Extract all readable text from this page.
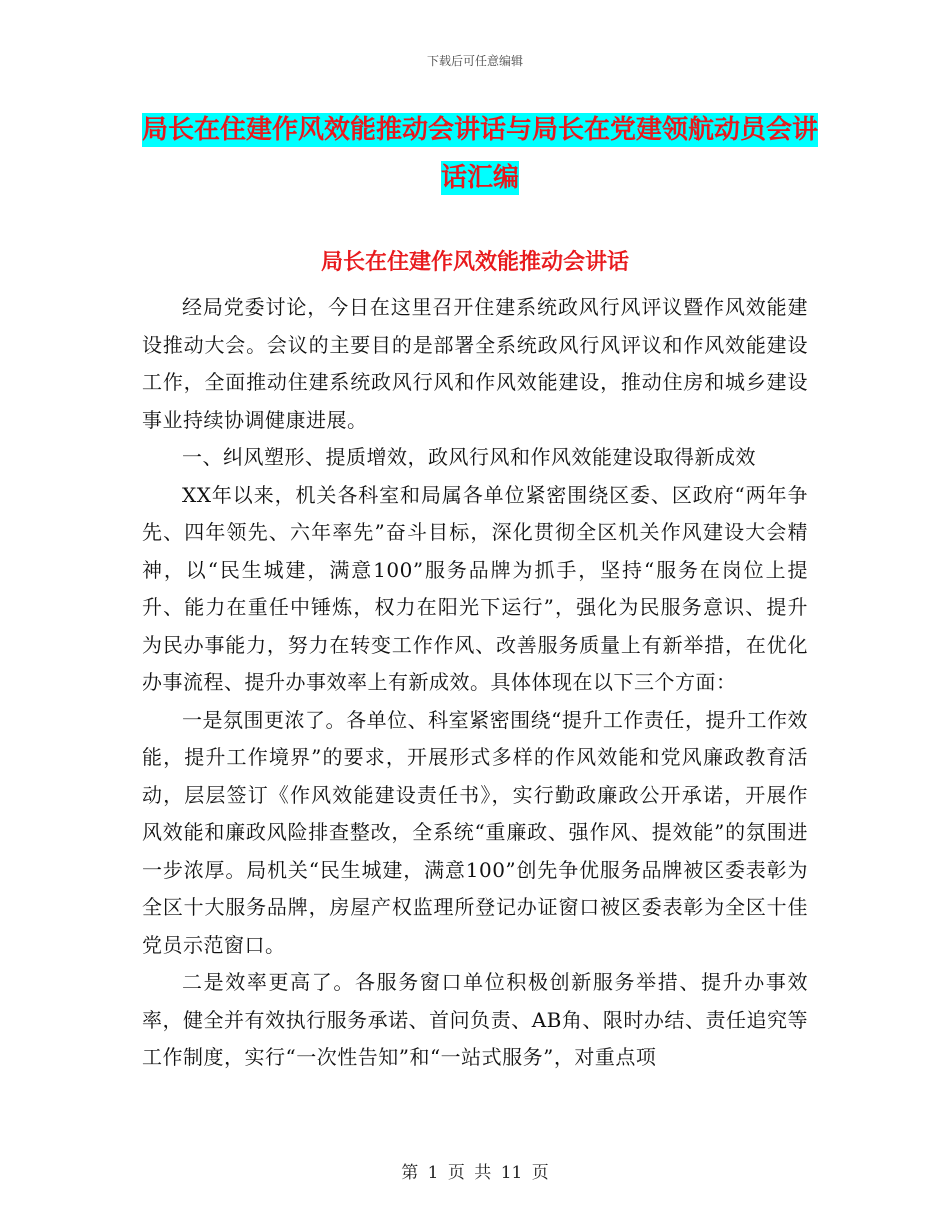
下载后可任意编辑
局长在住建作风效能推动会讲话与局长在党建领航动员会讲话汇编
局长在住建作风效能推动会讲话

经局党委讨论，今日在这里召开住建系统政风行风评议暨作风效能建设推动大会。会议的主要目的是部署全系统政风行风评议和作风效能建设工作，全面推动住建系统政风行风和作风效能建设，推动住房和城乡建设事业持续协调健康进展。

一、纠风塑形、提质增效，政风行风和作风效能建设取得新成效

XX年以来，机关各科室和局属各单位紧密围绕区委、区政府“两年争先、四年领先、六年率先”奋斗目标，深化贯彻全区机关作风建设大会精神，以“民生城建，满意100”服务品牌为抓手，坚持“服务在岗位上提升、能力在重任中锤炼，权力在阳光下运行”，强化为民服务意识、提升为民办事能力，努力在转变工作作风、改善服务质量上有新举措，在优化办事流程、提升办事效率上有新成效。具体体现在以下三个方面：

一是氛围更浓了。各单位、科室紧密围绕“提升工作责任，提升工作效能，提升工作境界”的要求，开展形式多样的作风效能和党风廉政教育活动，层层签订《作风效能建设责任书》，实行勤政廉政公开承诺，开展作风效能和廉政风险排查整改，全系统“重廉政、强作风、提效能”的氛围进一步浓厚。局机关“民生城建，满意100”创先争优服务品牌被区委表彰为全区十大服务品牌，房屋产权监理所登记办证窗口被区委表彰为全区十佳党员示范窗口。

二是效率更高了。各服务窗口单位积极创新服务举措、提升办事效率，健全并有效执行服务承诺、首问负责、AB角、限时办结、责任追究等工作制度，实行“一次性告知”和“一站式服务”，对重点项

第 1 页 共 11 页
